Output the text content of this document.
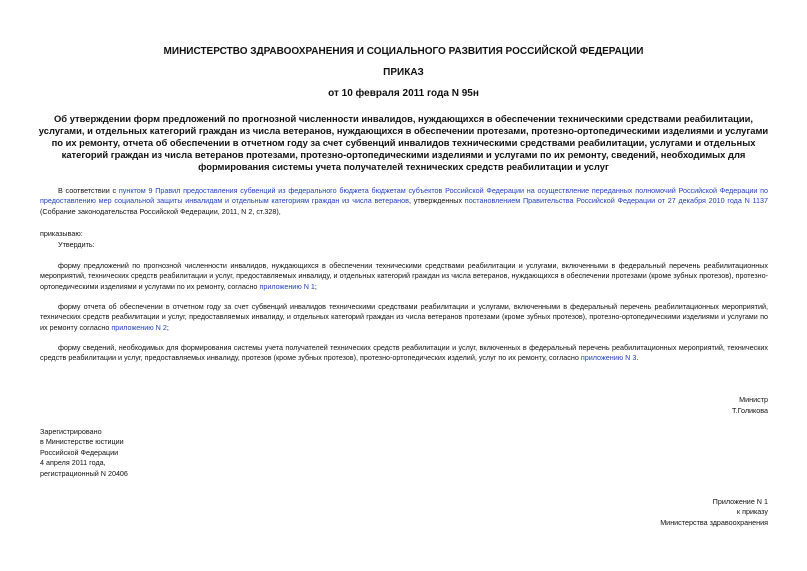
МИНИСТЕРСТВО ЗДРАВООХРАНЕНИЯ И СОЦИАЛЬНОГО РАЗВИТИЯ РОССИЙСКОЙ ФЕДЕРАЦИИ
ПРИКАЗ
от 10 февраля 2011 года N 95н
Об утверждении форм предложений по прогнозной численности инвалидов, нуждающихся в обеспечении техническими средствами реабилитации, услугами, и отдельных категорий граждан из числа ветеранов, нуждающихся в обеспечении протезами, протезно-ортопедическими изделиями и услугами по их ремонту, отчета об обеспечении в отчетном году за счет субвенций инвалидов техническими средствами реабилитации, услугами и отдельных категорий граждан из числа ветеранов протезами, протезно-ортопедическими изделиями и услугами по их ремонту, сведений, необходимых для формирования системы учета получателей технических средств реабилитации и услуг
В соответствии с пунктом 9 Правил предоставления субвенций из федерального бюджета бюджетам субъектов Российской Федерации на осуществление переданных полномочий Российской Федерации по предоставлению мер социальной защиты инвалидам и отдельным категориям граждан из числа ветеранов, утвержденных постановлением Правительства Российской Федерации от 27 декабря 2010 года N 1137 (Собрание законодательства Российской Федерации, 2011, N 2, ст.328),
приказываю:
Утвердить:
форму предложений по прогнозной численности инвалидов, нуждающихся в обеспечении техническими средствами реабилитации и услугами, включенными в федеральный перечень реабилитационных мероприятий, технических средств реабилитации и услуг, предоставляемых инвалиду, и отдельных категорий граждан из числа ветеранов, нуждающихся в обеспечении протезами (кроме зубных протезов), протезно-ортопедическими изделиями и услугами по их ремонту, согласно приложению N 1;
форму отчета об обеспечении в отчетном году за счет субвенций инвалидов техническими средствами реабилитации и услугами, включенными в федеральный перечень реабилитационных мероприятий, технических средств реабилитации и услуг, предоставляемых инвалиду, и отдельных категорий граждан из числа ветеранов протезами (кроме зубных протезов), протезно-ортопедическими изделиями и услугами по их ремонту согласно приложению N 2;
форму сведений, необходимых для формирования системы учета получателей технических средств реабилитации и услуг, включенных в федеральный перечень реабилитационных мероприятий, технических средств реабилитации и услуг, предоставляемых инвалиду, протезов (кроме зубных протезов), протезно-ортопедических изделий, услуг по их ремонту, согласно приложению N 3.
Министр
Т.Голикова
Зарегистрировано
в Министерстве юстиции
Российской Федерации
4 апреля 2011 года,
регистрационный N 20406
Приложение N 1
к приказу
Министерства здравоохранения
